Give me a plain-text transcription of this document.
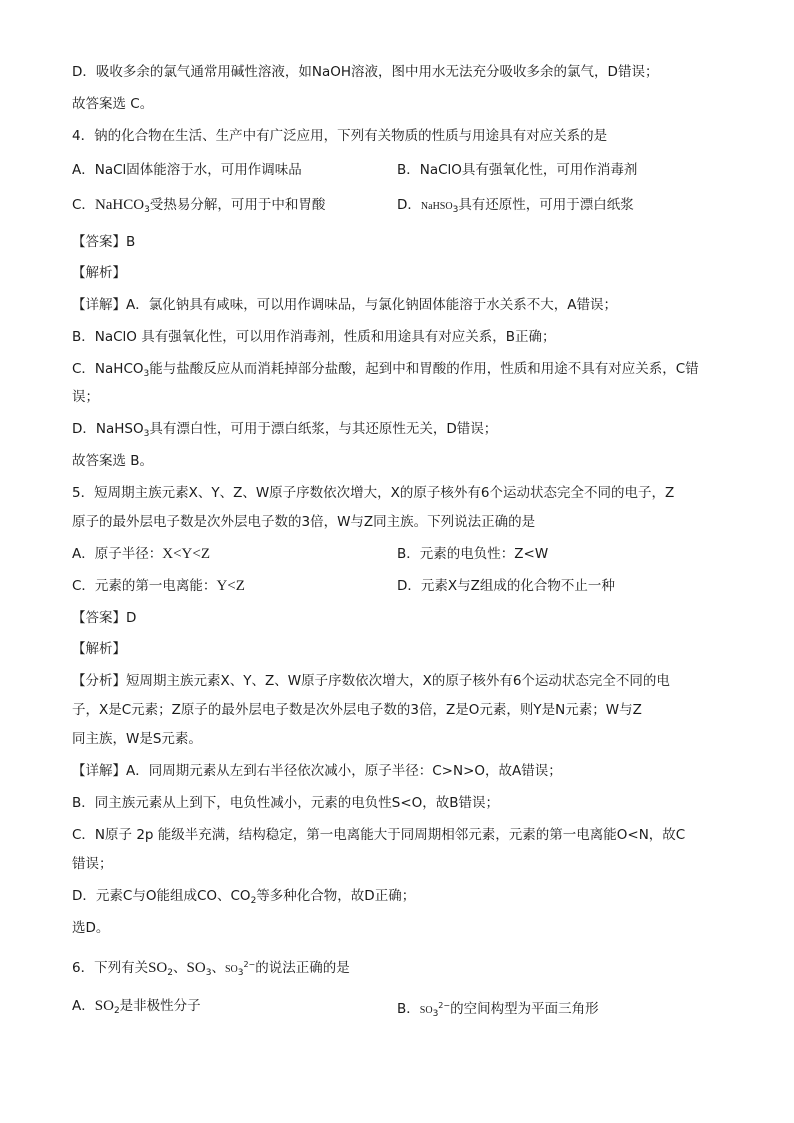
D．吸收多余的氯气通常用碱性溶液，如NaOH溶液，图中用水无法充分吸收多余的氯气，D错误；
故答案选 C。
4．钠的化合物在生活、生产中有广泛应用，下列有关物质的性质与用途具有对应关系的是
A．NaCl固体能溶于水，可用作调味品	B．NaClO具有强氧化性，可用作消毒剂
C．NaHCO$_3$受热易分解，可用于中和胃酸	D．NaHSO$_3$具有还原性，可用于漂白纸浆
【答案】B
【解析】
【详解】A．氯化钠具有咸味，可以用作调味品，与氯化钠固体能溶于水关系不大，A错误；
B．NaClO 具有强氧化性，可以用作消毒剂，性质和用途具有对应关系，B正确；
C．NaHCO$_3$能与盐酸反应从而消耗掉部分盐酸，起到中和胃酸的作用，性质和用途不具有对应关系，C错
误；
D．NaHSO$_3$具有漂白性，可用于漂白纸浆，与其还原性无关，D错误；
故答案选 B。
5．短周期主族元素X、Y、Z、W原子序数依次增大，X的原子核外有6个运动状态完全不同的电子，Z
原子的最外层电子数是次外层电子数的3倍，W与Z同主族。下列说法正确的是
A．原子半径：X<Y<Z	B．元素的电负性：Z<W
C．元素的第一电离能：Y<Z	D．元素X与Z组成的化合物不止一种
【答案】D
【解析】
【分析】短周期主族元素X、Y、Z、W原子序数依次增大，X的原子核外有6个运动状态完全不同的电
子，X是C元素；Z原子的最外层电子数是次外层电子数的3倍，Z是O元素，则Y是N元素；W与Z
同主族，W是S元素。
【详解】A．同周期元素从左到右半径依次减小，原子半径：C>N>O，故A错误；
B．同主族元素从上到下，电负性减小，元素的电负性S<O，故B错误；
C．N原子 2p 能级半充满，结构稳定，第一电离能大于同周期相邻元素，元素的第一电离能O<N，故C
错误；
D．元素C与O能组成CO、$CO_2$等多种化合物，故D正确；
选D。
6．下列有关$SO_2$、$SO_3$、$SO_3^{2-}$的说法正确的是
A．$SO_2$是非极性分子	B．$SO_3^{2-}$的空间构型为平面三角形
